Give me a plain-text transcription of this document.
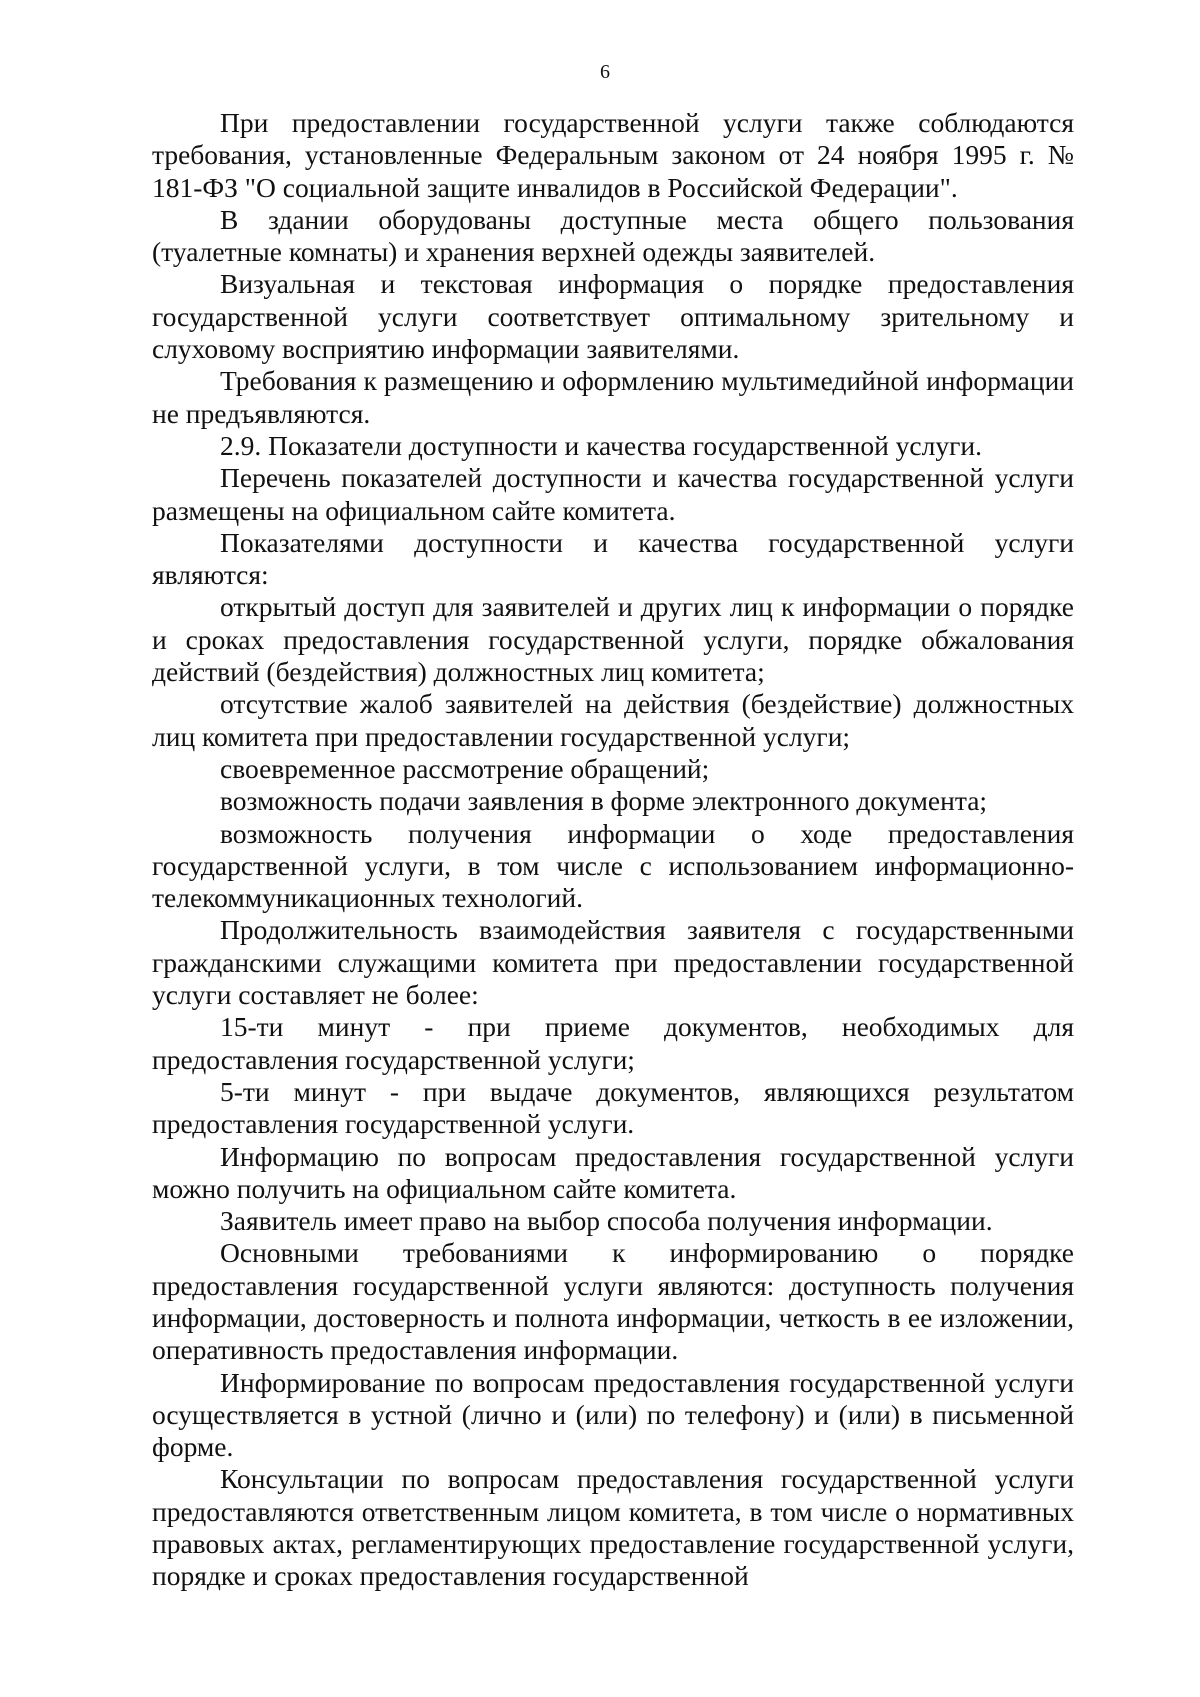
6

При предоставлении государственной услуги также соблюдаются требования, установленные Федеральным законом от 24 ноября 1995 г. № 181-ФЗ "О социальной защите инвалидов в Российской Федерации".

В здании оборудованы доступные места общего пользования (туалетные комнаты) и хранения верхней одежды заявителей.

Визуальная и текстовая информация о порядке предоставления государственной услуги соответствует оптимальному зрительному и слуховому восприятию информации заявителями.

Требования к размещению и оформлению мультимедийной информации не предъявляются.

2.9. Показатели доступности и качества государственной услуги.

Перечень показателей доступности и качества государственной услуги размещены на официальном сайте комитета.

Показателями доступности и качества государственной услуги являются:

открытый доступ для заявителей и других лиц к информации о порядке и сроках предоставления государственной услуги, порядке обжалования действий (бездействия) должностных лиц комитета;

отсутствие жалоб заявителей на действия (бездействие) должностных лиц комитета при предоставлении государственной услуги;

своевременное рассмотрение обращений;

возможность подачи заявления в форме электронного документа;

возможность получения информации о ходе предоставления государственной услуги, в том числе с использованием информационно-телекоммуникационных технологий.

Продолжительность взаимодействия заявителя с государственными гражданскими служащими комитета при предоставлении государственной услуги составляет не более:

15-ти минут - при приеме документов, необходимых для предоставления государственной услуги;

5-ти минут - при выдаче документов, являющихся результатом предоставления государственной услуги.

Информацию по вопросам предоставления государственной услуги можно получить на официальном сайте комитета.

Заявитель имеет право на выбор способа получения информации.

Основными требованиями к информированию о порядке предоставления государственной услуги являются: доступность получения информации, достоверность и полнота информации, четкость в ее изложении, оперативность предоставления информации.

Информирование по вопросам предоставления государственной услуги осуществляется в устной (лично и (или) по телефону) и (или) в письменной форме.

Консультации по вопросам предоставления государственной услуги предоставляются ответственным лицом комитета, в том числе о нормативных правовых актах, регламентирующих предоставление государственной услуги, порядке и сроках предоставления государственной
